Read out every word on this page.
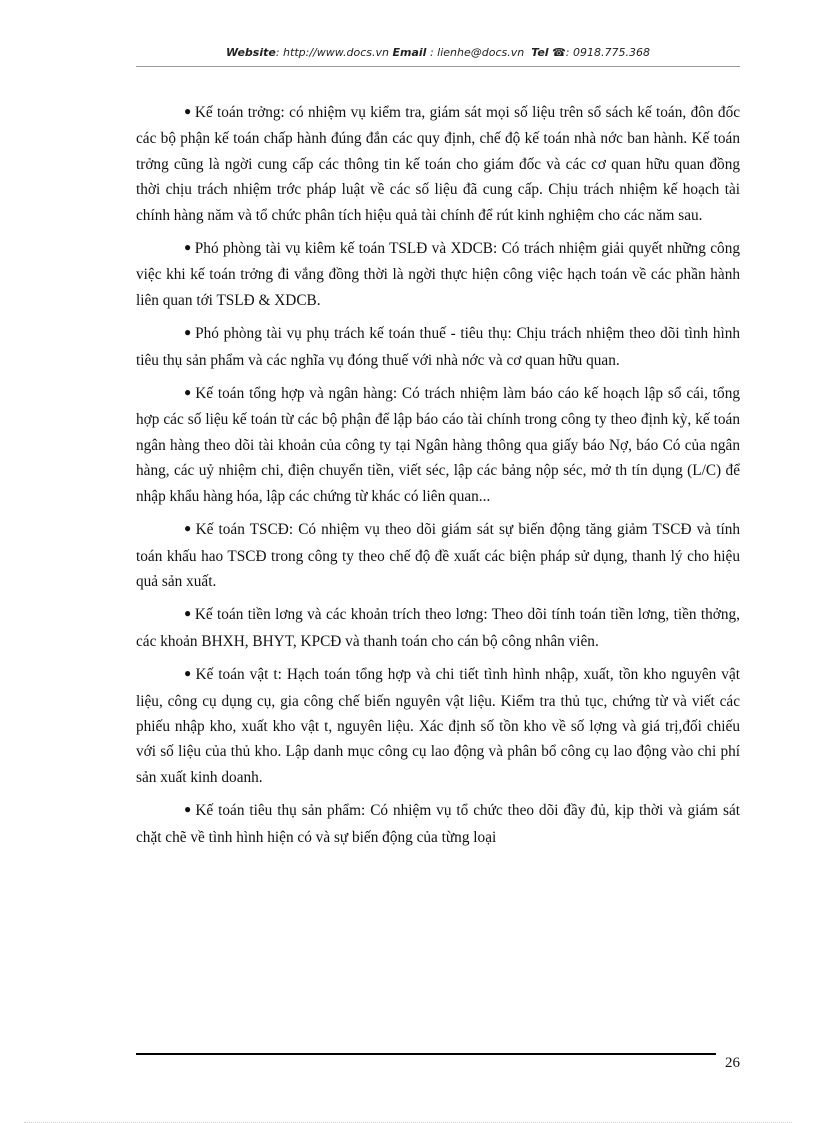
Website: http://www.docs.vn Email : lienhe@docs.vn Tel ☎: 0918.775.368

● Kế toán trởng: có nhiệm vụ kiểm tra, giám sát mọi số liệu trên sổ sách kế toán, đôn đốc các bộ phận kế toán chấp hành đúng đắn các quy định, chế độ kế toán nhà nớc ban hành. Kế toán trởng cũng là ngời cung cấp các thông tin kế toán cho giám đốc và các cơ quan hữu quan đồng thời chịu trách nhiệm trớc pháp luật về các số liệu đã cung cấp. Chịu trách nhiệm kế hoạch tài chính hàng năm và tổ chức phân tích hiệu quả tài chính để rút kinh nghiệm cho các năm sau.

● Phó phòng tài vụ kiêm kế toán TSLĐ và XDCB: Có trách nhiệm giải quyết những công việc khi kế toán trởng đi vắng đồng thời là ngời thực hiện công việc hạch toán về các phần hành liên quan tới TSLĐ & XDCB.

● Phó phòng tài vụ phụ trách kế toán thuế - tiêu thụ: Chịu trách nhiệm theo dõi tình hình tiêu thụ sản phẩm và các nghĩa vụ đóng thuế với nhà nớc và cơ quan hữu quan.

● Kế toán tổng hợp và ngân hàng: Có trách nhiệm làm báo cáo kế hoạch lập sổ cái, tổng hợp các số liệu kế toán từ các bộ phận để lập báo cáo tài chính trong công ty theo định kỳ, kế toán ngân hàng theo dõi tài khoản của công ty tại Ngân hàng thông qua giấy báo Nợ, báo Có của ngân hàng, các uỷ nhiệm chi, điện chuyển tiền, viết séc, lập các bảng nộp séc, mở th tín dụng (L/C) để nhập khẩu hàng hóa, lập các chứng từ khác có liên quan...

● Kế toán TSCĐ: Có nhiệm vụ theo dõi giám sát sự biến động tăng giảm TSCĐ và tính toán khấu hao TSCĐ trong công ty theo chế độ đề xuất các biện pháp sử dụng, thanh lý cho hiệu quả sản xuất.

● Kế toán tiền lơng và các khoản trích theo lơng: Theo dõi tính toán tiền lơng, tiền thởng, các khoản BHXH, BHYT, KPCĐ và thanh toán cho cán bộ công nhân viên.

● Kế toán vật t: Hạch toán tổng hợp và chi tiết tình hình nhập, xuất, tồn kho nguyên vật liệu, công cụ dụng cụ, gia công chế biến nguyên vật liệu. Kiểm tra thủ tục, chứng từ và viết các phiếu nhập kho, xuất kho vật t, nguyên liệu. Xác định số tồn kho về số lợng và giá trị,đối chiếu với số liệu của thủ kho. Lập danh mục công cụ lao động và phân bổ công cụ lao động vào chi phí sản xuất kinh doanh.

● Kế toán tiêu thụ sản phẩm: Có nhiệm vụ tổ chức theo dõi đầy đủ, kịp thời và giám sát chặt chẽ về tình hình hiện có và sự biến động của từng loại

26
